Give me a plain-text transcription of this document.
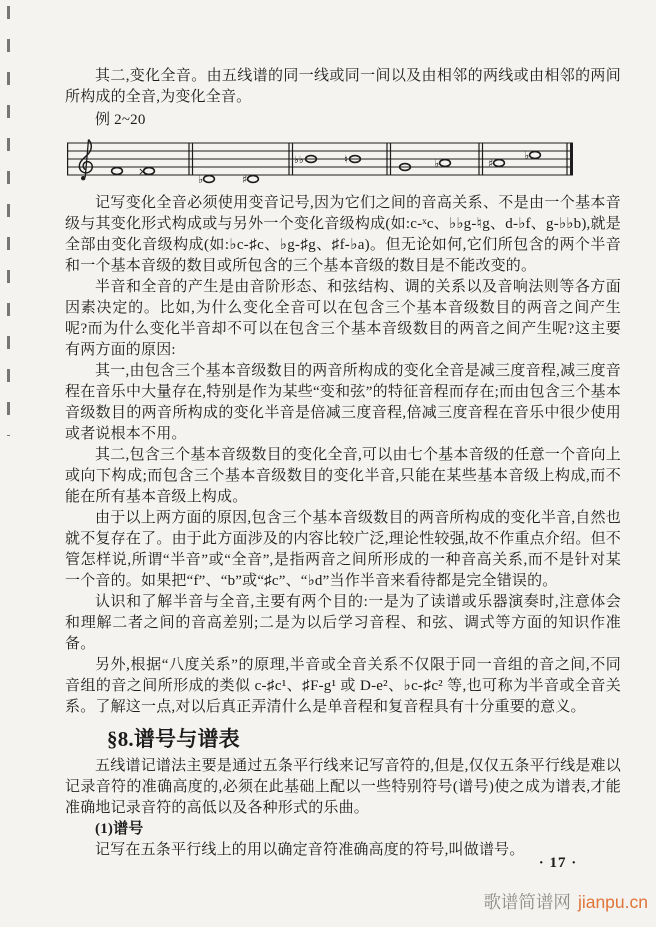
其二,变化全音。由五线谱的同一线或同一间以及由相邻的两线或由相邻的两间所构成的全音,为变化全音。

例 2~20

×
♭	♯
♭♭	♮	♭	♯
♭

记写变化全音必须使用变音记号,因为它们之间的音高关系、不是由一个基本音级与其变化形式构成或与另外一个变化音级构成(如:c-ˣc、♭♭g-♮g、d-♭f、g-♭♭b),就是全部由变化音级构成(如:♭c-♯c、♭g-♯g、♯f-♭a)。但无论如何,它们所包含的两个半音和一个基本音级的数目或所包含的三个基本音级的数目是不能改变的。

半音和全音的产生是由音阶形态、和弦结构、调的关系以及音响法则等各方面因素决定的。比如,为什么变化全音可以在包含三个基本音级数目的两音之间产生呢?而为什么变化半音却不可以在包含三个基本音级数目的两音之间产生呢?这主要有两方面的原因:

其一,由包含三个基本音级数目的两音所构成的变化全音是减三度音程,减三度音程在音乐中大量存在,特别是作为某些“变和弦”的特征音程而存在;而由包含三个基本音级数目的两音所构成的变化半音是倍减三度音程,倍减三度音程在音乐中很少使用或者说根本不用。

其二,包含三个基本音级数目的变化全音,可以由七个基本音级的任意一个音向上或向下构成;而包含三个基本音级数目的变化半音,只能在某些基本音级上构成,而不能在所有基本音级上构成。

由于以上两方面的原因,包含三个基本音级数目的两音所构成的变化半音,自然也就不复存在了。由于此方面涉及的内容比较广泛,理论性较强,故不作重点介绍。但不管怎样说,所谓“半音”或“全音”,是指两音之间所形成的一种音高关系,而不是针对某一个音的。如果把“f”、“b”或“♯c”、“♭d”当作半音来看待都是完全错误的。

认识和了解半音与全音,主要有两个目的:一是为了读谱或乐器演奏时,注意体会和理解二者之间的音高差别;二是为以后学习音程、和弦、调式等方面的知识作准备。

另外,根据“八度关系”的原理,半音或全音关系不仅限于同一音组的音之间,不同音组的音之间所形成的类似 c-♯c¹、♯F-g¹ 或 D-e²、♭c-♯c² 等,也可称为半音或全音关系。了解这一点,对以后真正弄清什么是单音程和复音程具有十分重要的意义。

§8.谱号与谱表

五线谱记谱法主要是通过五条平行线来记写音符的,但是,仅仅五条平行线是难以记录音符的准确高度的,必须在此基础上配以一些特别符号(谱号)使之成为谱表,才能准确地记录音符的高低以及各种形式的乐曲。

(1)谱号

记写在五条平行线上的用以确定音符准确高度的符号,叫做谱号。

· 17 ·
歌谱简谱网 jianpu.cn
